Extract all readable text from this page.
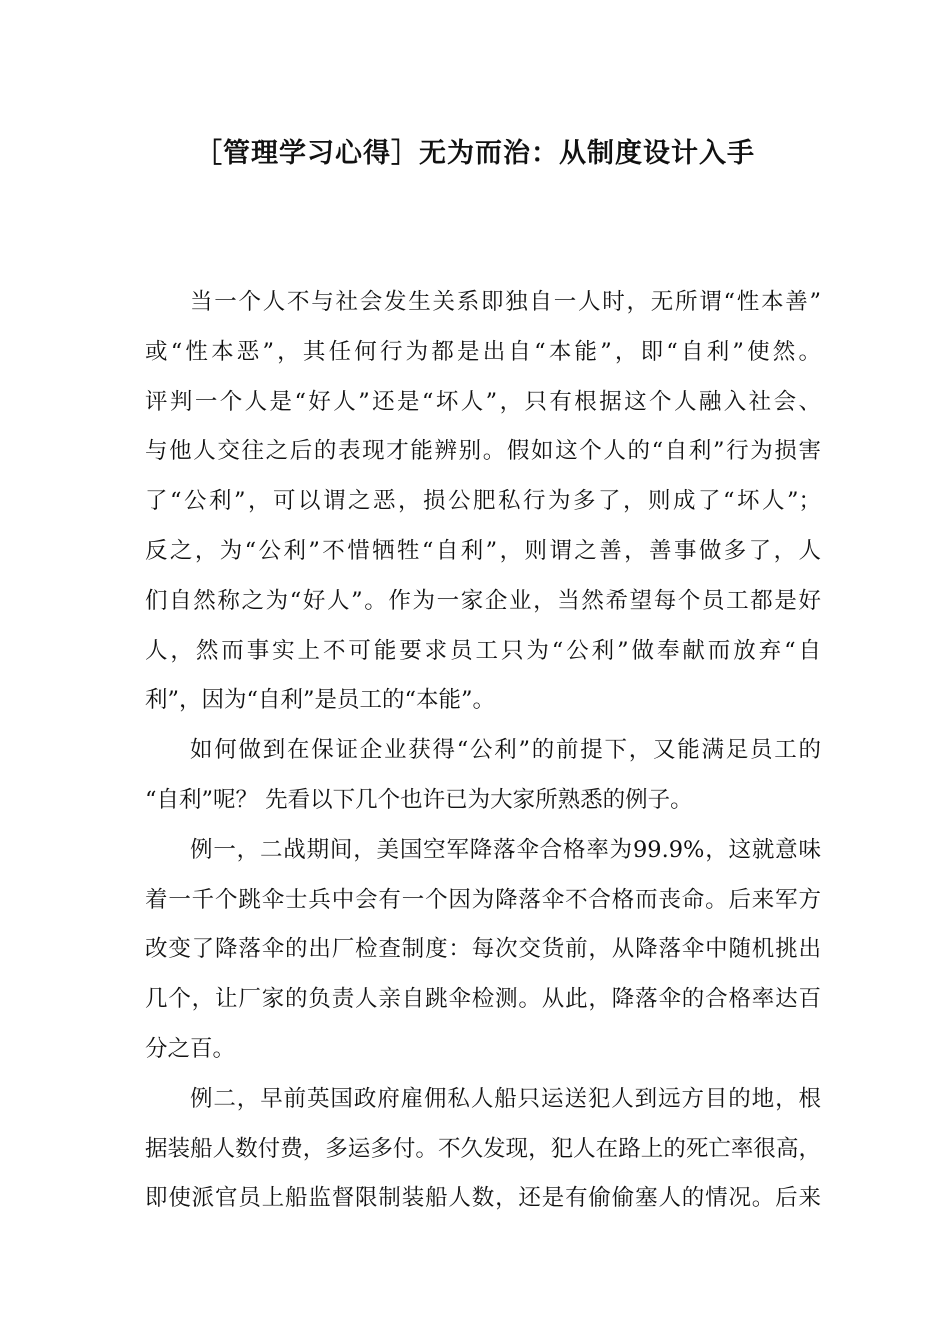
［管理学习心得］无为而治：从制度设计入手
当一个人不与社会发生关系即独自一人时，无所谓“性本善”
或“性本恶”，其任何行为都是出自“本能”，即“自利”使然。
评判一个人是“好人”还是“坏人”，只有根据这个人融入社会、
与他人交往之后的表现才能辨别。假如这个人的“自利”行为损害
了“公利”，可以谓之恶，损公肥私行为多了，则成了“坏人”；
反之，为“公利”不惜牺牲“自利”，则谓之善，善事做多了，人
们自然称之为“好人”。作为一家企业，当然希望每个员工都是好
人，然而事实上不可能要求员工只为“公利”做奉献而放弃“自
利”，因为“自利”是员工的“本能”。
如何做到在保证企业获得“公利”的前提下，又能满足员工的
“自利”呢？ 先看以下几个也许已为大家所熟悉的例子。
例一，二战期间，美国空军降落伞合格率为99.9%，这就意味
着一千个跳伞士兵中会有一个因为降落伞不合格而丧命。后来军方
改变了降落伞的出厂检查制度：每次交货前，从降落伞中随机挑出
几个，让厂家的负责人亲自跳伞检测。从此，降落伞的合格率达百
分之百。
例二，早前英国政府雇佣私人船只运送犯人到远方目的地，根
据装船人数付费，多运多付。不久发现，犯人在路上的死亡率很高，
即使派官员上船监督限制装船人数，还是有偷偷塞人的情况。后来
